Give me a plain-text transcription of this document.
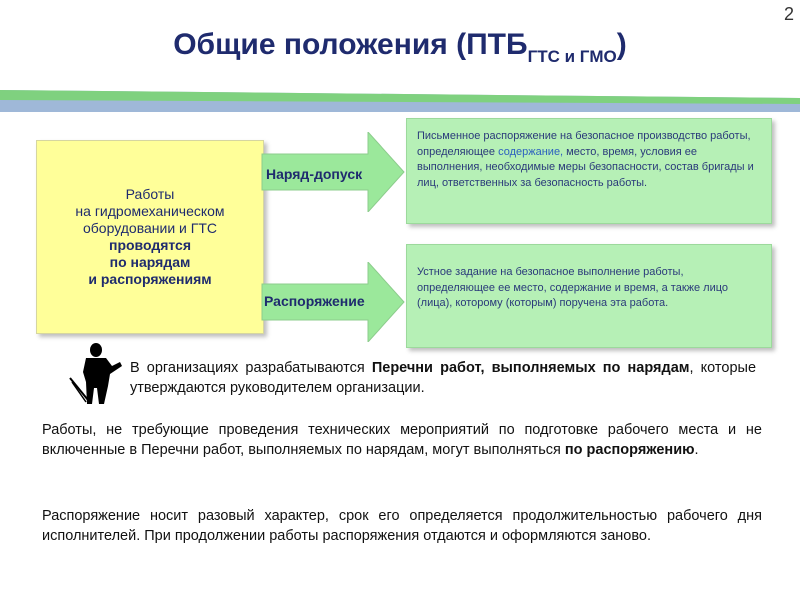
2
Общие положения $(ПТБ_{ГТС и ГМО})$
Работы
на гидромеханическом
оборудовании и ГТС
проводятся
по нарядам
и распоряжениям
Наряд-допуск
Распоряжение
Письменное распоряжение на безопасное производство работы, определяющее содержание, место, время, условия ее выполнения, необходимые меры безопасности, состав бригады и лиц, ответственных за безопасность работы.
Устное задание на безопасное выполнение работы, определяющее ее место, содержание и время, а также лицо (лица), которому (которым) поручена эта работа.
В организациях разрабатываются Перечни работ, выполняемых по нарядам, которые утверждаются руководителем организации.
Работы, не требующие проведения технических мероприятий по подготовке рабочего места и не включенные в Перечни работ, выполняемых по нарядам, могут выполняться по распоряжению.
Распоряжение носит разовый характер, срок его определяется продолжительностью рабочего дня исполнителей. При продолжении работы распоряжения отдаются и оформляются заново.
